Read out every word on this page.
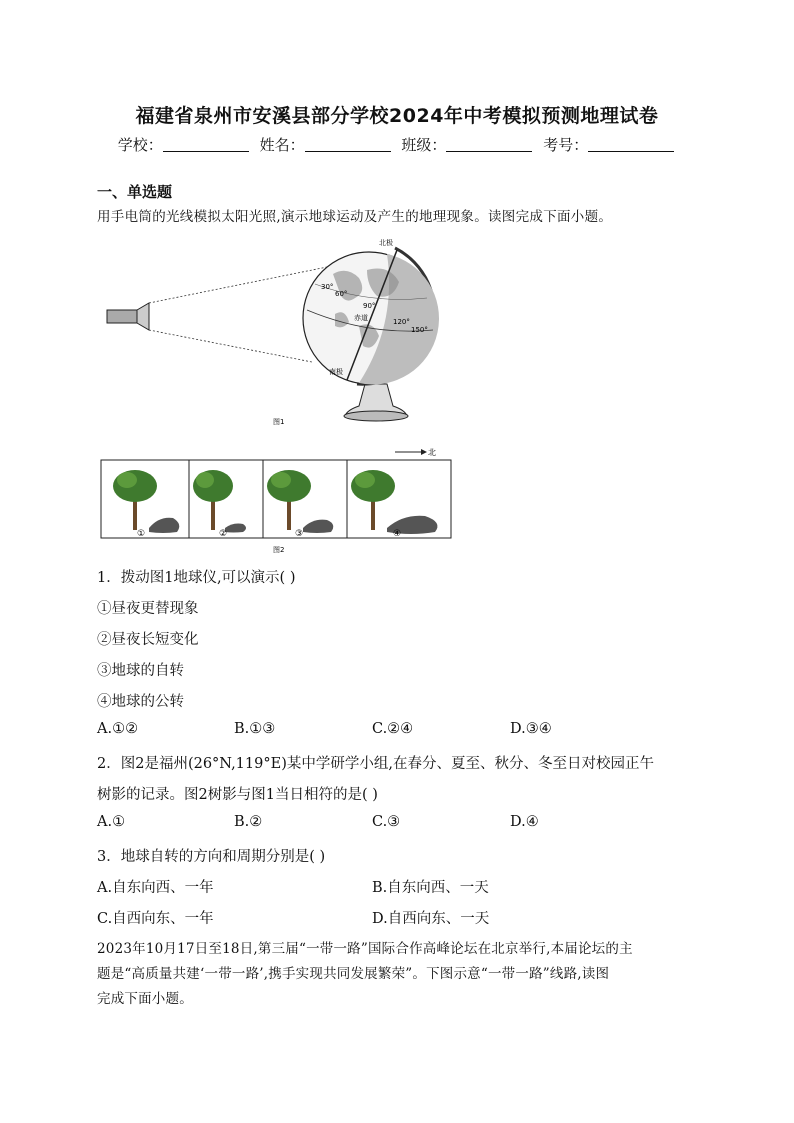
福建省泉州市安溪县部分学校2024年中考模拟预测地理试卷
学校：	姓名：	班级：	考号：
一、单选题
用手电筒的光线模拟太阳光照,演示地球运动及产生的地理现象。读图完成下面小题。
北极
南极
30°
60°
90°
赤道	120°
150°
图1
北
①	②	③	④
图2
1．拨动图1地球仪,可以演示( )
①昼夜更替现象
②昼夜长短变化
③地球的自转
④地球的公转
A.①②	B.①③	C.②④	D.③④
2．图2是福州(26°N,119°E)某中学研学小组,在春分、夏至、秋分、冬至日对校园正午
树影的记录。图2树影与图1当日相符的是( )
A.①	B.②	C.③	D.④
3．地球自转的方向和周期分别是( )
A.自东向西、一年	B.自东向西、一天
C.自西向东、一年	D.自西向东、一天
2023年10月17日至18日,第三届“一带一路”国际合作高峰论坛在北京举行,本届论坛的主
题是“高质量共建‘一带一路’,携手实现共同发展繁荣”。下图示意“一带一路”线路,读图
完成下面小题。
